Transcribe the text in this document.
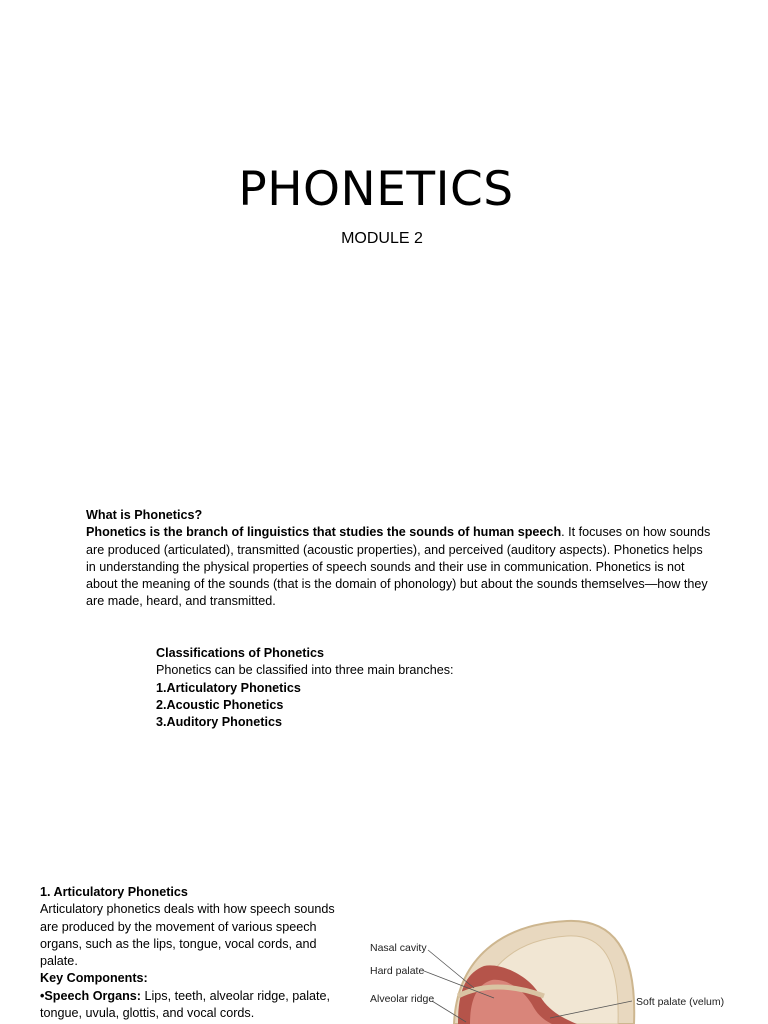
PHONETICS
MODULE 2
What is Phonetics?
Phonetics is the branch of linguistics that studies the sounds of human speech. It focuses on how sounds are produced (articulated), transmitted (acoustic properties), and perceived (auditory aspects). Phonetics helps in understanding the physical properties of speech sounds and their use in communication. Phonetics is not about the meaning of the sounds (that is the domain of phonology) but about the sounds themselves—how they are made, heard, and transmitted.
Classifications of Phonetics
Phonetics can be classified into three main branches:
1.Articulatory Phonetics
2.Acoustic Phonetics
3.Auditory Phonetics
1. Articulatory Phonetics
Articulatory phonetics deals with how speech sounds are produced by the movement of various speech organs, such as the lips, tongue, vocal cords, and palate.
Key Components:
•Speech Organs: Lips, teeth, alveolar ridge, palate, tongue, uvula, glottis, and vocal cords.
Nasal cavity
Hard palate
Alveolar ridge	Soft palate (velum)
